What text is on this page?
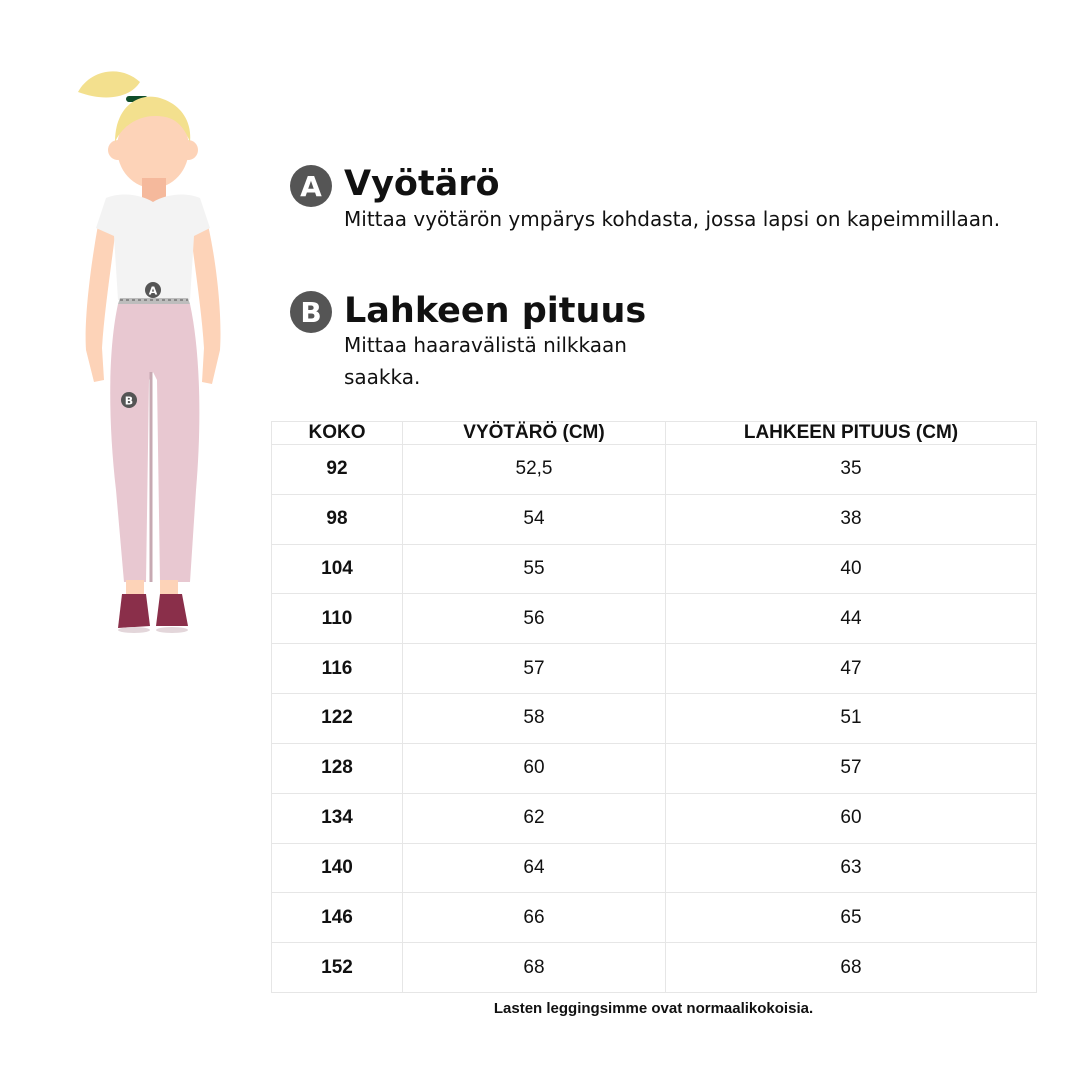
A
B
A Vyötärö
Mittaa vyötärön ympärys kohdasta, jossa lapsi on kapeimmillaan.
B Lahkeen pituus
Mittaa haaravälistä nilkkaan
saakka.
KOKO	VYÖTÄRÖ (CM)	LAHKEEN PITUUS (CM)
92	52,5	35
98	54	38
104	55	40
110	56	44
116	57	47
122	58	51
128	60	57
134	62	60
140	64	63
146	66	65
152	68	68
Lasten leggingsimme ovat normaalikokoisia.
